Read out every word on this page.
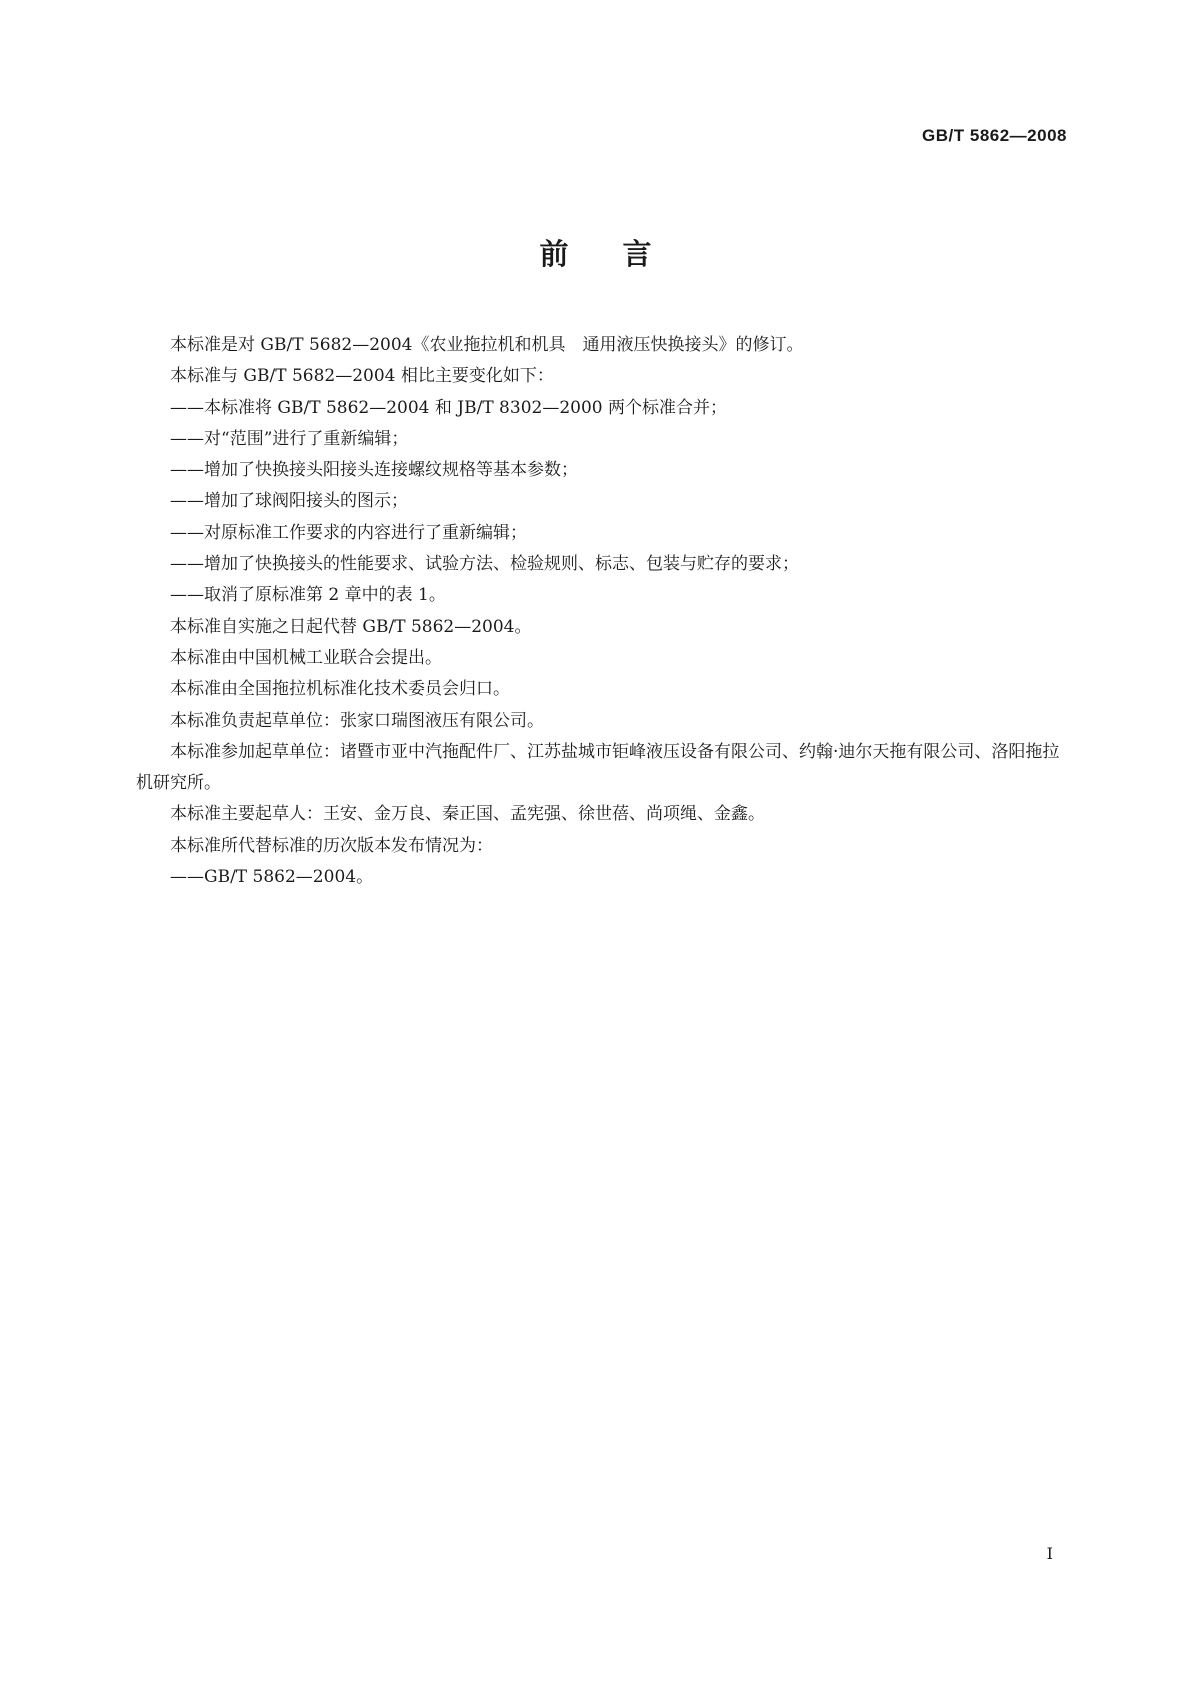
GB/T 5862—2008
前言

本标准是对 GB/T 5682—2004《农业拖拉机和机具　通用液压快换接头》的修订。

本标准与 GB/T 5682—2004 相比主要变化如下：

——本标准将 GB/T 5862—2004 和 JB/T 8302—2000 两个标准合并；

——对“范围”进行了重新编辑；

——增加了快换接头阳接头连接螺纹规格等基本参数；

——增加了球阀阳接头的图示；

——对原标准工作要求的内容进行了重新编辑；

——增加了快换接头的性能要求、试验方法、检验规则、标志、包装与贮存的要求；

——取消了原标准第 2 章中的表 1。

本标准自实施之日起代替 GB/T 5862—2004。

本标准由中国机械工业联合会提出。

本标准由全国拖拉机标准化技术委员会归口。

本标准负责起草单位：张家口瑞图液压有限公司。

本标准参加起草单位：诸暨市亚中汽拖配件厂、江苏盐城市钜峰液压设备有限公司、约翰·迪尔天拖有限公司、洛阳拖拉机研究所。

本标准主要起草人：王安、金万良、秦正国、孟宪强、徐世蓓、尚项绳、金鑫。

本标准所代替标准的历次版本发布情况为：

——GB/T 5862—2004。

I
